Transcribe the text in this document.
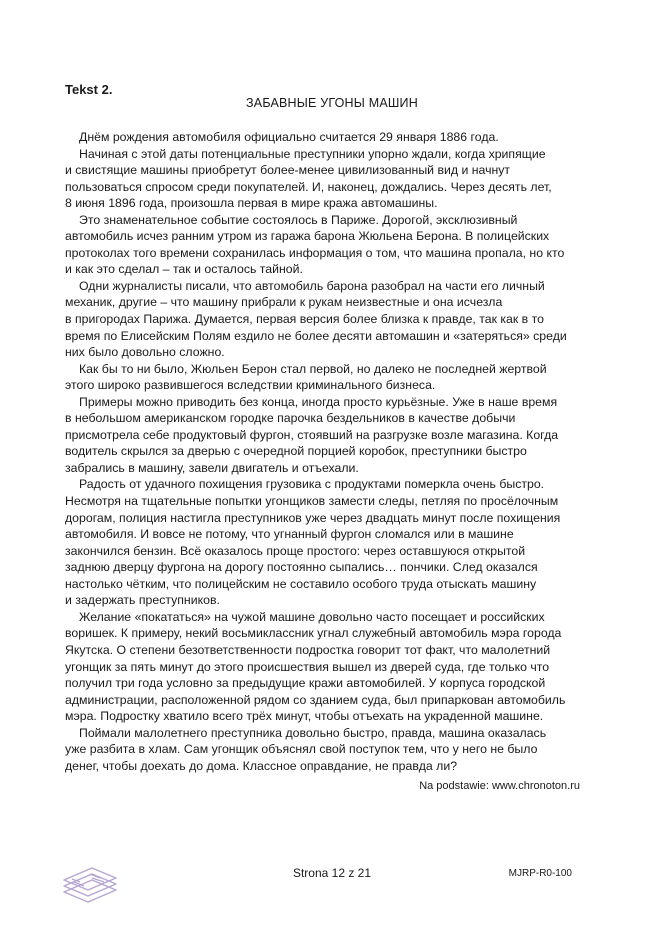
Tekst 2.
ЗАБАВНЫЕ УГОНЫ МАШИН

Днём рождения автомобиля официально считается 29 января 1886 года.

Начиная с этой даты потенциальные преступники упорно ждали, когда хрипящие
и свистящие машины приобретут более-менее цивилизованный вид и начнут
пользоваться спросом среди покупателей. И, наконец, дождались. Через десять лет,
8 июня 1896 года, произошла первая в мире кража автомашины.

Это знаменательное событие состоялось в Париже. Дорогой, эксклюзивный
автомобиль исчез ранним утром из гаража барона Жюльена Берона. В полицейских
протоколах того времени сохранилась информация о том, что машина пропала, но кто
и как это сделал – так и осталось тайной.

Одни журналисты писали, что автомобиль барона разобрал на части его личный
механик, другие – что машину прибрали к рукам неизвестные и она исчезла
в пригородах Парижа. Думается, первая версия более близка к правде, так как в то
время по Елисейским Полям ездило не более десяти автомашин и «затеряться» среди
них было довольно сложно.

Как бы то ни было, Жюльен Берон стал первой, но далеко не последней жертвой
этого широко развившегося вследствии криминального бизнеса.

Примеры можно приводить без конца, иногда просто курьёзные. Уже в наше время
в небольшом американском городке парочка бездельников в качестве добычи
присмотрела себе продуктовый фургон, стоявший на разгрузке возле магазина. Когда
водитель скрылся за дверью с очередной порцией коробок, преступники быстро
забрались в машину, завели двигатель и отъехали.

Радость от удачного похищения грузовика с продуктами померкла очень быстро.
Несмотря на тщательные попытки угонщиков замести следы, петляя по просёлочным
дорогам, полиция настигла преступников уже через двадцать минут после похищения
автомобиля. И вовсе не потому, что угнанный фургон сломался или в машине
закончился бензин. Всё оказалось проще простого: через оставшуюся открытой
заднюю дверцу фургона на дорогу постоянно сыпались… пончики. След оказался
настолько чётким, что полицейским не составило особого труда отыскать машину
и задержать преступников.

Желание «покататься» на чужой машине довольно часто посещает и российских
воришек. К примеру, некий восьмиклассник угнал служебный автомобиль мэра города
Якутска. О степени безответственности подростка говорит тот факт, что малолетний
угонщик за пять минут до этого происшествия вышел из дверей суда, где только что
получил три года условно за предыдущие кражи автомобилей. У корпуса городской
администрации, расположенной рядом со зданием суда, был припаркован автомобиль
мэра. Подростку хватило всего трёх минут, чтобы отъехать на украденной машине.

Поймали малолетнего преступника довольно быстро, правда, машина оказалась
уже разбита в хлам. Сам угонщик объяснял свой поступок тем, что у него не было
денег, чтобы доехать до дома. Классное оправдание, не правда ли?

Na podstawie: www.chronoton.ru
Strona 12 z 21	MJRP-R0-100
